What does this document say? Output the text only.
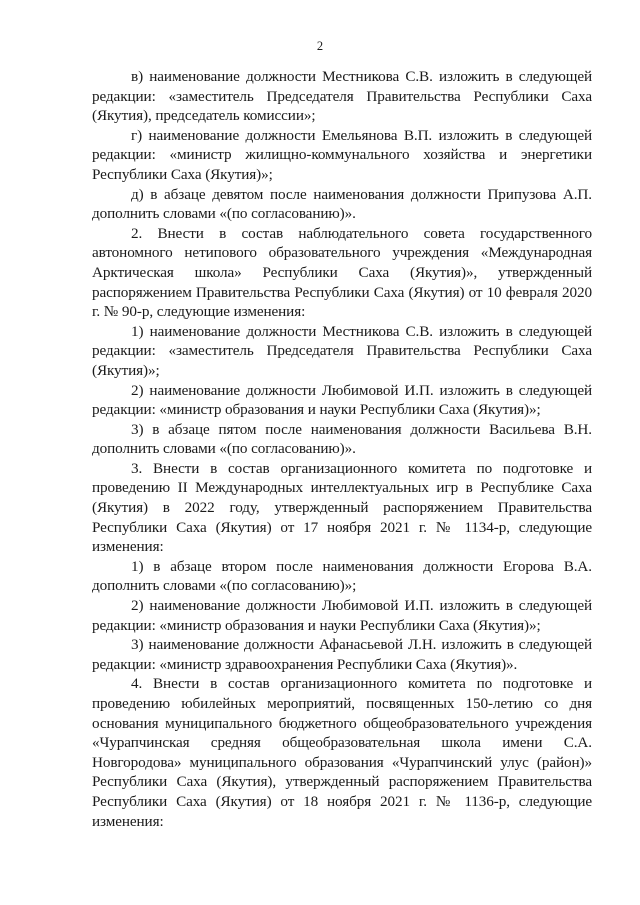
2

в) наименование должности Местникова С.В. изложить в следующей редакции: «заместитель Председателя Правительства Республики Саха (Якутия), председатель комиссии»;

г) наименование должности Емельянова В.П. изложить в следующей редакции: «министр жилищно-коммунального хозяйства и энергетики Республики Саха (Якутия)»;

д) в абзаце девятом после наименования должности Припузова А.П. дополнить словами «(по согласованию)».

2. Внести в состав наблюдательного совета государственного автономного нетипового образовательного учреждения «Международная Арктическая школа» Республики Саха (Якутия)», утвержденный распоряжением Правительства Республики Саха (Якутия) от 10 февраля 2020 г. № 90-р, следующие изменения:

1) наименование должности Местникова С.В. изложить в следующей редакции: «заместитель Председателя Правительства Республики Саха (Якутия)»;

2) наименование должности Любимовой И.П. изложить в следующей редакции: «министр образования и науки Республики Саха (Якутия)»;

3) в абзаце пятом после наименования должности Васильева В.Н. дополнить словами «(по согласованию)».

3. Внести в состав организационного комитета по подготовке и проведению II Международных интеллектуальных игр в Республике Саха (Якутия) в 2022 году, утвержденный распоряжением Правительства Республики Саха (Якутия) от 17 ноября 2021 г. № 1134-р, следующие изменения:

1) в абзаце втором после наименования должности Егорова В.А. дополнить словами «(по согласованию)»;

2) наименование должности Любимовой И.П. изложить в следующей редакции: «министр образования и науки Республики Саха (Якутия)»;

3) наименование должности Афанасьевой Л.Н. изложить в следующей редакции: «министр здравоохранения Республики Саха (Якутия)».

4. Внести в состав организационного комитета по подготовке и проведению юбилейных мероприятий, посвященных 150-летию со дня основания муниципального бюджетного общеобразовательного учреждения «Чурапчинская средняя общеобразовательная школа имени С.А. Новгородова» муниципального образования «Чурапчинский улус (район)» Республики Саха (Якутия), утвержденный распоряжением Правительства Республики Саха (Якутия) от 18 ноября 2021 г. № 1136-р, следующие изменения:
